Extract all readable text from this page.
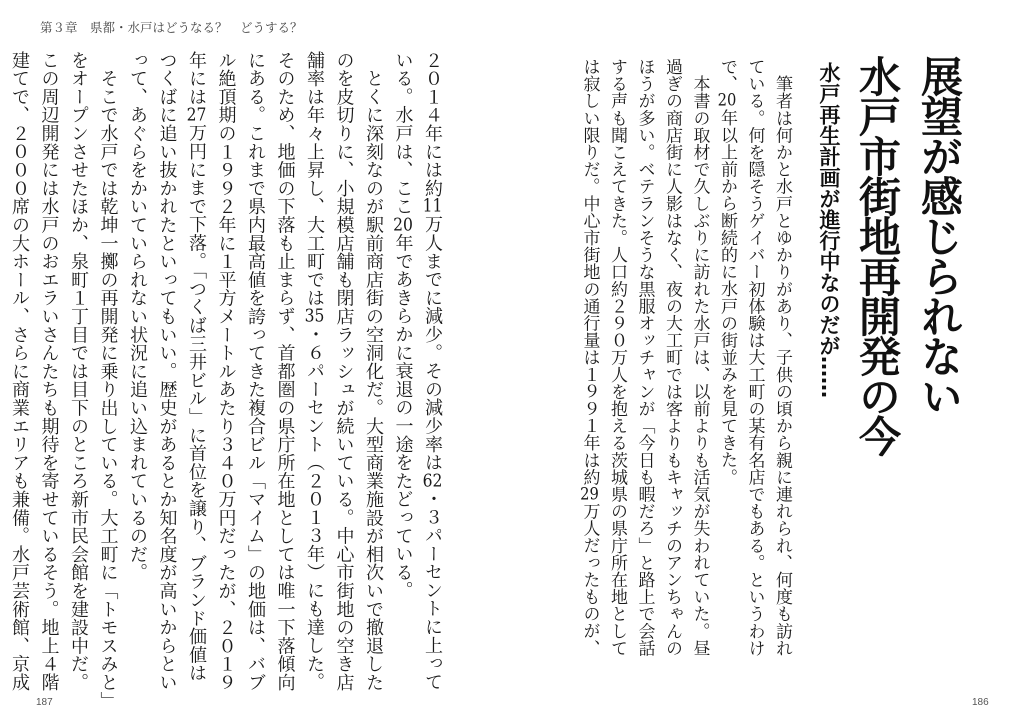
第３章　県都・水戸はどうなる？　どうする？
展望が感じられない
水戸市街地再開発の今
水戸再生計画が進行中なのだが……
　筆者は何かと水戸とゆかりがあり、子供の頃から親に連れられ、何度も訪れ
ている。何を隠そうゲイバー初体験は大工町の某有名店でもある。というわけ
で、20年以上前から断続的に水戸の街並みを見てきた。
　本書の取材で久しぶりに訪れた水戸は、以前よりも活気が失われていた。昼
過ぎの商店街に人影はなく、夜の大工町では客よりもキャッチのアンちゃんの
ほうが多い。ベテランそうな黒服オッチャンが「今日も暇だろ」と路上で会話
する声も聞こえてきた。人口約２９０万人を抱える茨城県の県庁所在地として
は寂しい限りだ。中心市街地の通行量は１９９１年は約29万人だったものが、
２０１４年には約11万人までに減少。その減少率は62・３パーセントに上って
いる。水戸は、ここ20年であきらかに衰退の一途をたどっている。
　とくに深刻なのが駅前商店街の空洞化だ。大型商業施設が相次いで撤退した
のを皮切りに、小規模店舗も閉店ラッシュが続いている。中心市街地の空き店
舗率は年々上昇し、大工町では35・６パーセント（２０１３年）にも達した。
そのため、地価の下落も止まらず、首都圏の県庁所在地としては唯一下落傾向
にある。これまで県内最高値を誇ってきた複合ビル「マイム」の地価は、バブ
ル絶頂期の１９９２年に１平方メートルあたり３４０万円だったが、２０１９
年には27万円にまで下落。「つくば三井ビル」に首位を譲り、ブランド価値は
つくばに追い抜かれたといってもいい。歴史があるとか知名度が高いからとい
って、あぐらをかいていられない状況に追い込まれているのだ。
　そこで水戸では乾坤一擲の再開発に乗り出している。大工町に「トモスみと」
をオープンさせたほか、泉町１丁目では目下のところ新市民会館を建設中だ。
この周辺開発には水戸のおエラいさんたちも期待を寄せているそう。地上４階
建てで、２０００席の大ホール、さらに商業エリアも兼備。水戸芸術館、京成
187	186
